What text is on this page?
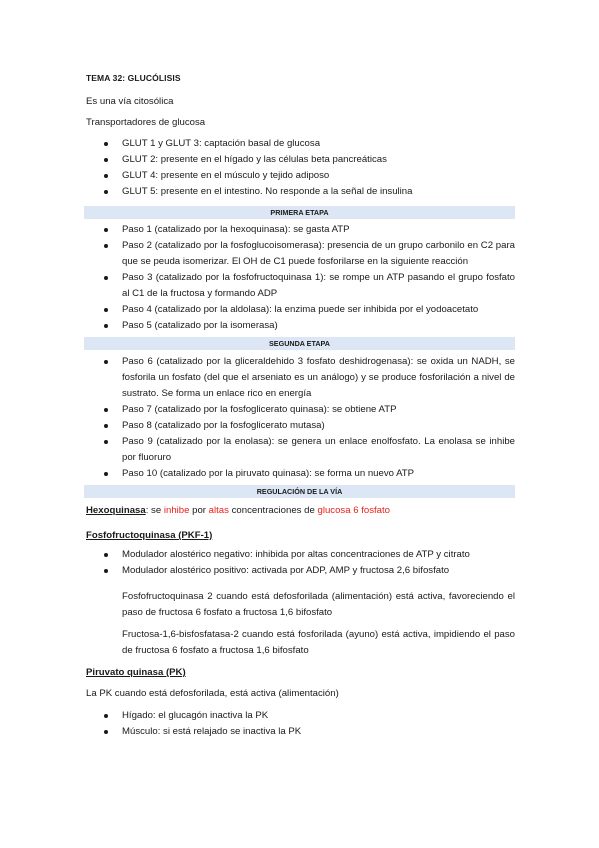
TEMA 32: GLUCÓLISIS
Es una vía citosólica
Transportadores de glucosa
GLUT 1 y GLUT 3: captación basal de glucosa
GLUT 2: presente en el hígado y las células beta pancreáticas
GLUT 4: presente en el músculo y tejido adiposo
GLUT 5: presente en el intestino. No responde a la señal de insulina
PRIMERA ETAPA
Paso 1 (catalizado por la hexoquinasa): se gasta ATP
Paso 2 (catalizado por la fosfoglucoisomerasa): presencia de un grupo carbonilo en C2 para que se peuda isomerizar. El OH de C1 puede fosforilarse en la siguiente reacción
Paso 3 (catalizado por la fosfofructoquinasa 1): se rompe un ATP pasando el grupo fosfato al C1 de la fructosa y formando ADP
Paso 4 (catalizado por la aldolasa): la enzima puede ser inhibida por el yodoacetato
Paso 5 (catalizado por la isomerasa)
SEGUNDA ETAPA
Paso 6 (catalizado por la gliceraldehido 3 fosfato deshidrogenasa): se oxida un NADH, se fosforila un fosfato (del que el arseniato es un análogo) y se produce fosforilación a nivel de sustrato. Se forma un enlace rico en energía
Paso 7 (catalizado por la fosfoglicerato quinasa): se obtiene ATP
Paso 8 (catalizado por la fosfoglicerato mutasa)
Paso 9 (catalizado por la enolasa): se genera un enlace enolfosfato. La enolasa se inhibe por fluoruro
Paso 10 (catalizado por la piruvato quinasa): se forma un nuevo ATP
REGULACIÓN DE LA VÍA
Hexoquinasa: se inhibe por altas concentraciones de glucosa 6 fosfato
Fosfofructoquinasa (PKF-1)
Modulador alostérico negativo: inhibida por altas concentraciones de ATP y citrato
Modulador alostérico positivo: activada por ADP, AMP y fructosa 2,6 bifosfato
Fosfofructoquinasa 2 cuando está defosforilada (alimentación) está activa, favoreciendo el paso de fructosa 6 fosfato a fructosa 1,6 bifosfato
Fructosa-1,6-bisfosfatasa-2 cuando está fosforilada (ayuno) está activa, impidiendo el paso de fructosa 6 fosfato a fructosa 1,6 bifosfato
Piruvato quinasa (PK)
La PK cuando está defosforilada, está activa (alimentación)
Hígado: el glucagón inactiva la PK
Músculo: si está relajado se inactiva la PK
